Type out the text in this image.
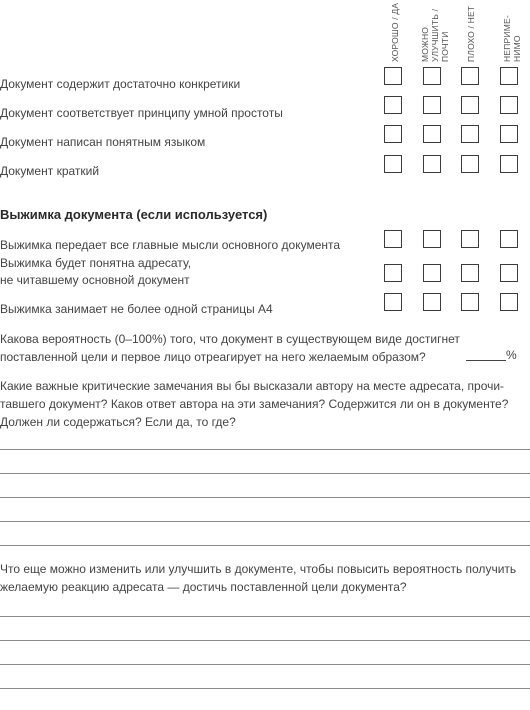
ХОРОШО / ДА МОЖНО
УЛУЧШИТЬ /
ПОЧТИ ПЛОХО / НЕТ	НЕПРИМЕ-
НИМО
Документ содержит достаточно конкретики
Документ соответствует принципу умной простоты
Документ написан понятным языком
Документ краткий
Выжимка документа (если используется)
Выжимка передает все главные мысли основного документа
Выжимка будет понятна адресату,
не читавшему основной документ
Выжимка занимает не более одной страницы А4
Какова вероятность (0–100%) того, что документ в существующем виде достигнет
поставленной цели и первое лицо отреагирует на него желаемым образом?	%
Какие важные критические замечания вы бы высказали автору на месте адресата, прочи-
тавшего документ? Каков ответ автора на эти замечания? Содержится ли он в документе?
Должен ли содержаться? Если да, то где?
Что еще можно изменить или улучшить в документе, чтобы повысить вероятность получить
желаемую реакцию адресата — достичь поставленной цели документа?
